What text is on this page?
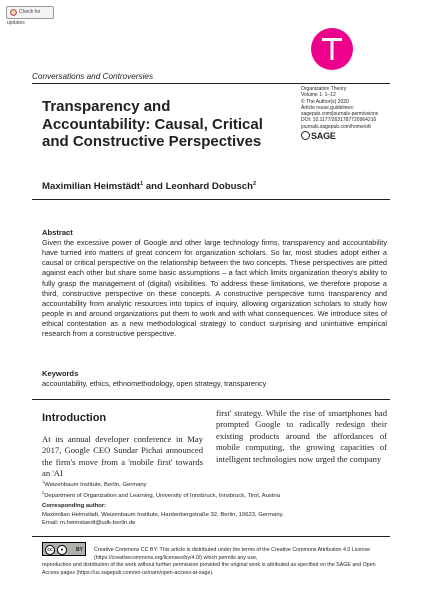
Check for updates
Conversations and Controversies
Transparency and
Accountability: Causal, Critical
and Constructive Perspectives
Organization Theory
Volume 1: 1–12
© The Author(s) 2020
Article reuse guidelines:
sagepub.com/journals-permissions
DOI: 10.1177/2631787720964216
journals.sagepub.com/home/ott
SAGE
Maximilian Heimstädt$^1$ and Leonhard Dobusch$^2$
Abstract
Given the excessive power of Google and other large technology firms, transparency and accountability have turned into matters of great concern for organization scholars. So far, most studies adopt either a causal or critical perspective on the relationship between the two concepts. These perspectives are pitted against each other but share some basic assumptions – a fact which limits organization theory's ability to fully grasp the management of (digital) visibilities. To address these limitations, we therefore propose a third, constructive perspective on these concepts. A constructive perspective turns transparency and accountability from analytic resources into topics of inquiry, allowing organization scholars to study how people in and around organizations put them to work and with what consequences. We introduce sites of ethical contestation as a new methodological strategy to conduct surprising and unintuitive empirical research from a constructive perspective.
Keywords
accountability, ethics, ethnomethodology, open strategy, transparency
Introduction
At its annual developer conference in May 2017, Google CEO Sundar Pichai announced the firm's move from a 'mobile first' towards an 'AI
first' strategy. While the rise of smartphones had prompted Google to radically redesign their existing products around the affordances of mobile computing, the growing capacities of intelligent technologies now urged the company
$^1$Weizenbaum Institute, Berlin, Germany
$^2$Department of Organization and Learning, University of Innsbruck, Innsbruck, Tirol, Austria
Corresponding author:
Maximilian Heimstädt, Weizenbaum Institute, Hardenbergstraße 32, Berlin, 10623, Germany.
Email: m.heimstaedt@udk-berlin.de
cc	●	BY	Creative Commons CC BY: This article is distributed under the terms of the Creative Commons Attribution 4.0 License (https://creativecommons.org/licenses/by/4.0/) which permits any use,
reproduction and distribution of the work without further permission provided the original work is attributed as specified on the SAGE and Open Access pages (https://us.sagepub.com/en-us/nam/open-access-at-sage).
